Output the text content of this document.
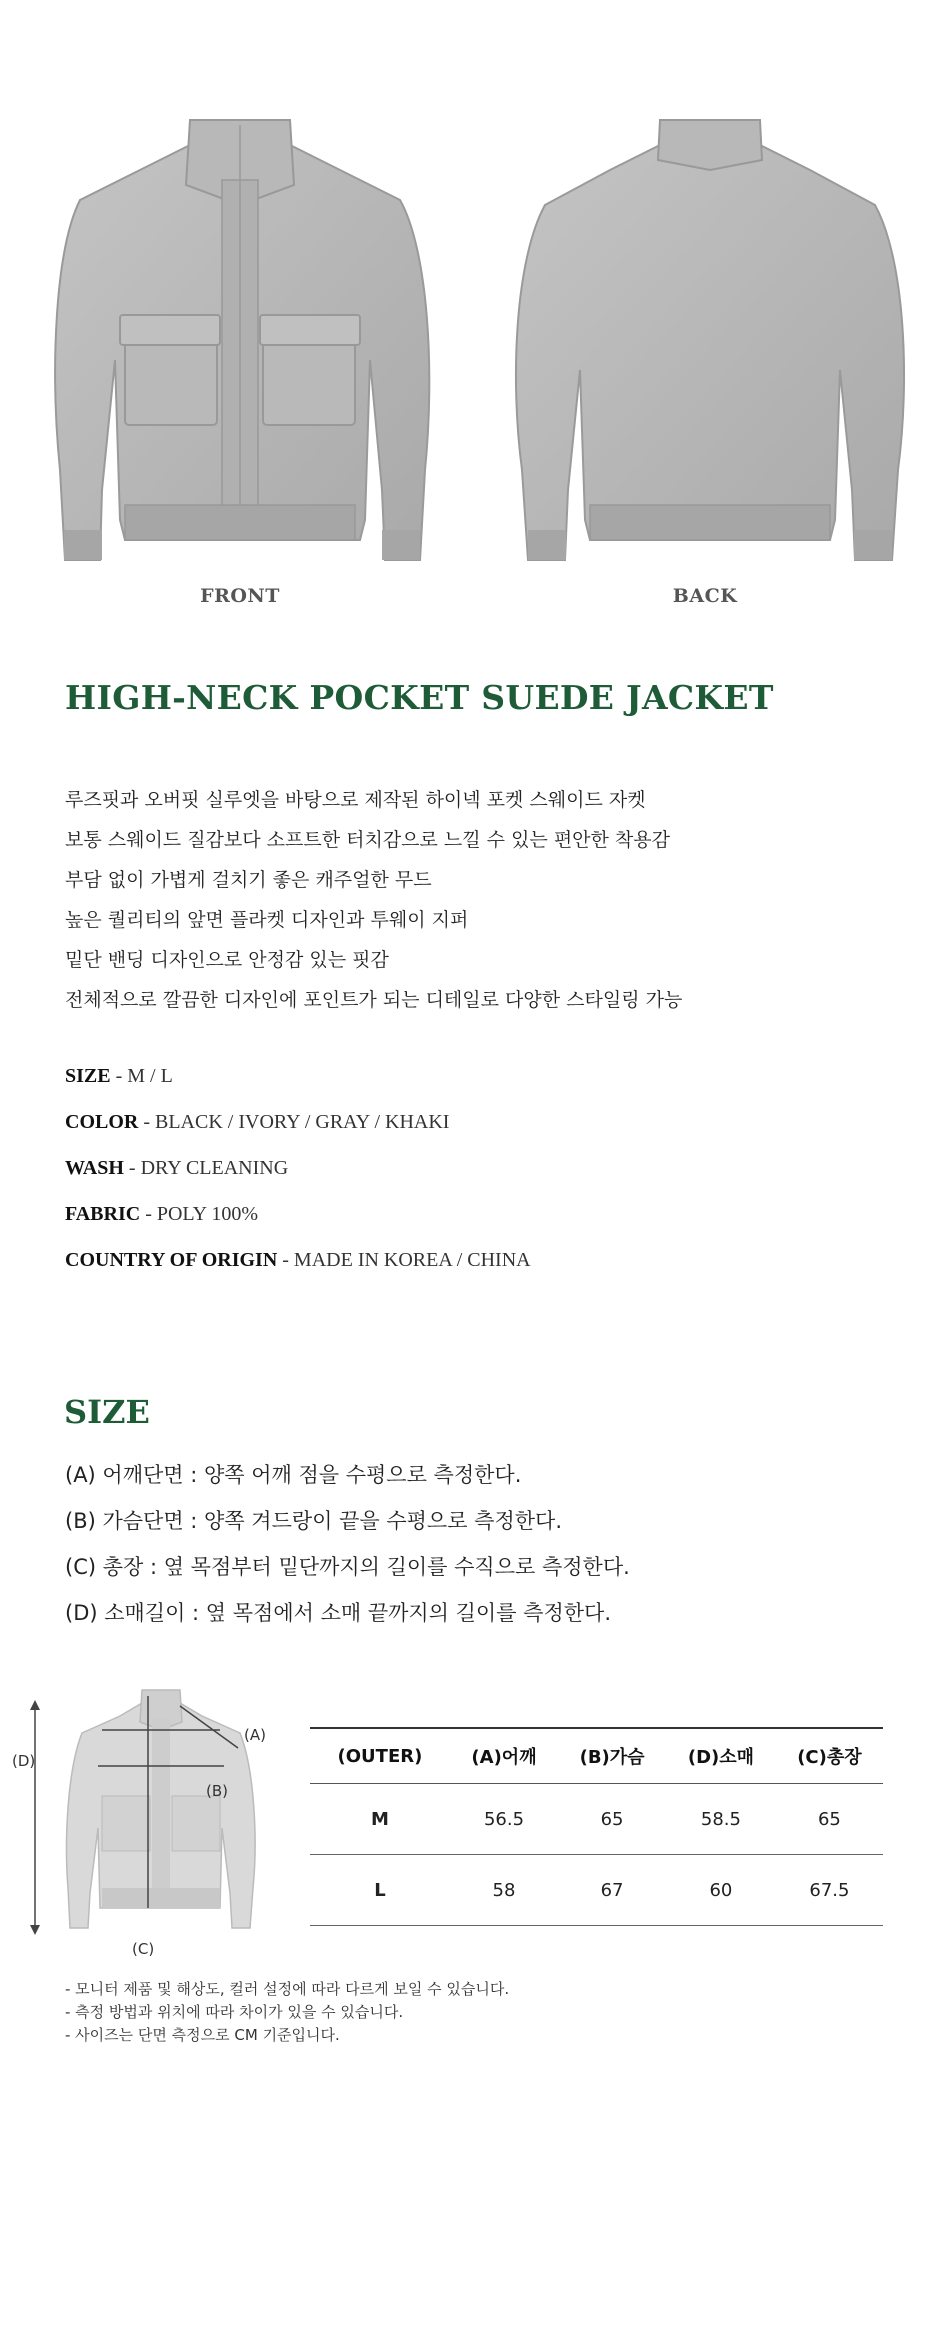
FRONT	BACK
HIGH-NECK POCKET SUEDE JACKET
루즈핏과 오버핏 실루엣을 바탕으로 제작된 하이넥 포켓 스웨이드 자켓
보통 스웨이드 질감보다 소프트한 터치감으로 느낄 수 있는 편안한 착용감
부담 없이 가볍게 걸치기 좋은 캐주얼한 무드
높은 퀄리티의 앞면 플라켓 디자인과 투웨이 지퍼
밑단 밴딩 디자인으로 안정감 있는 핏감
전체적으로 깔끔한 디자인에 포인트가 되는 디테일로 다양한 스타일링 가능
SIZE - M / L
COLOR - BLACK / IVORY / GRAY / KHAKI
WASH - DRY CLEANING
FABRIC - POLY 100%
COUNTRY OF ORIGIN - MADE IN KOREA / CHINA
SIZE
(A) 어깨단면 : 양쪽 어깨 점을 수평으로 측정한다.
(B) 가슴단면 : 양쪽 겨드랑이 끝을 수평으로 측정한다.
(C) 총장 : 옆 목점부터 밑단까지의 길이를 수직으로 측정한다.
(D) 소매길이 : 옆 목점에서 소매 끝까지의 길이를 측정한다.
(D)
(A)
(B)
(C)
(OUTER)	(A)어깨	(B)가슴	(D)소매	(C)총장
M	56.5	65	58.5	65
L	58	67	60	67.5
- 모니터 제품 및 해상도, 컬러 설정에 따라 다르게 보일 수 있습니다.
- 측정 방법과 위치에 따라 차이가 있을 수 있습니다.
- 사이즈는 단면 측정으로 CM 기준입니다.
